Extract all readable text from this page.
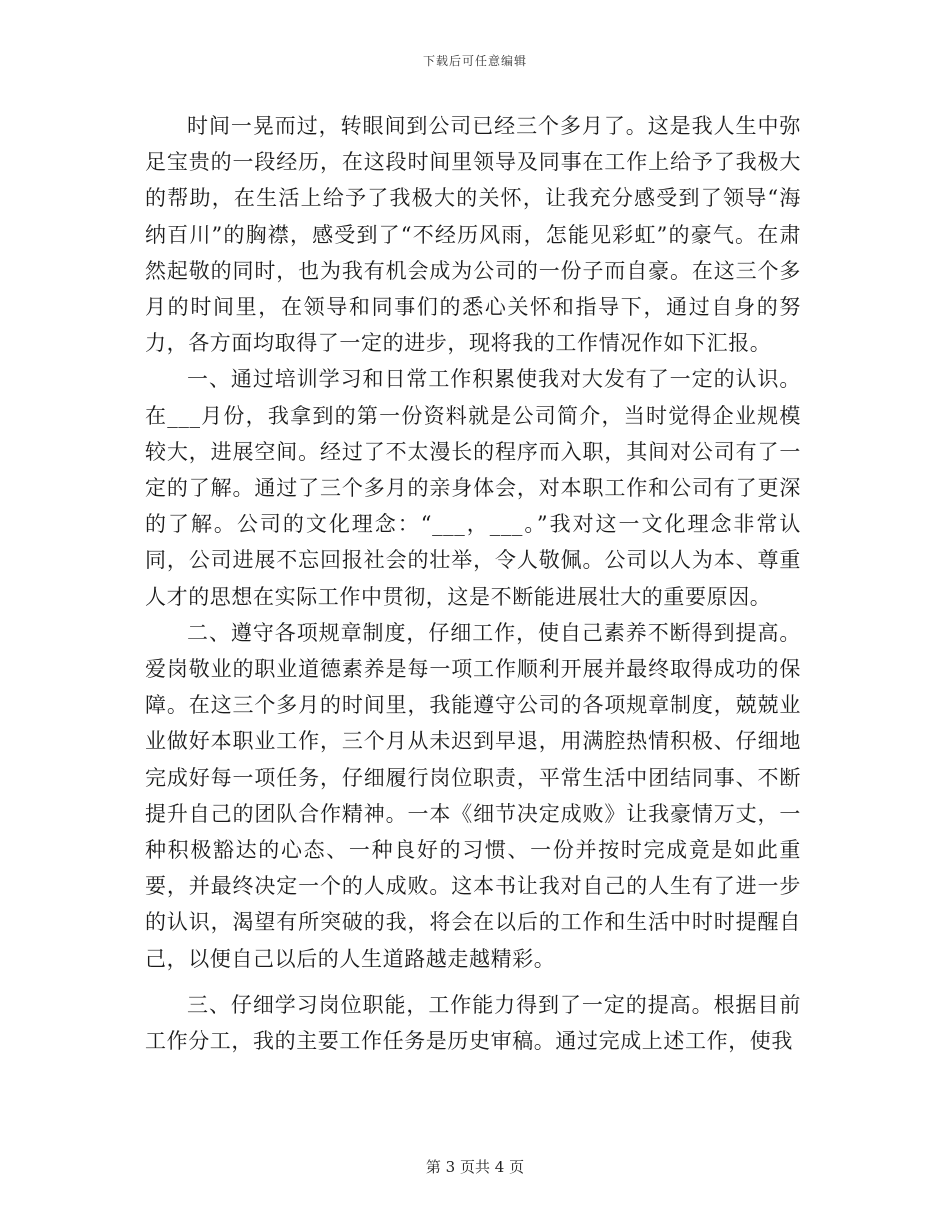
下载后可任意编辑

时间一晃而过，转眼间到公司已经三个多月了。这是我人生中弥足宝贵的一段经历，在这段时间里领导及同事在工作上给予了我极大的帮助，在生活上给予了我极大的关怀，让我充分感受到了领导“海纳百川”的胸襟，感受到了“不经历风雨，怎能见彩虹”的豪气。在肃然起敬的同时，也为我有机会成为公司的一份子而自豪。在这三个多月的时间里，在领导和同事们的悉心关怀和指导下，通过自身的努力，各方面均取得了一定的进步，现将我的工作情况作如下汇报。

一、通过培训学习和日常工作积累使我对大发有了一定的认识。在___月份，我拿到的第一份资料就是公司简介，当时觉得企业规模较大，进展空间。经过了不太漫长的程序而入职，其间对公司有了一定的了解。通过了三个多月的亲身体会，对本职工作和公司有了更深的了解。公司的文化理念：“___，___。”我对这一文化理念非常认同，公司进展不忘回报社会的壮举，令人敬佩。公司以人为本、尊重人才的思想在实际工作中贯彻，这是不断能进展壮大的重要原因。

二、遵守各项规章制度，仔细工作，使自己素养不断得到提高。爱岗敬业的职业道德素养是每一项工作顺利开展并最终取得成功的保障。在这三个多月的时间里，我能遵守公司的各项规章制度，兢兢业业做好本职业工作，三个月从未迟到早退，用满腔热情积极、仔细地完成好每一项任务，仔细履行岗位职责，平常生活中团结同事、不断提升自己的团队合作精神。一本《细节决定成败》让我豪情万丈，一种积极豁达的心态、一种良好的习惯、一份并按时完成竟是如此重要，并最终决定一个的人成败。这本书让我对自己的人生有了进一步的认识，渴望有所突破的我，将会在以后的工作和生活中时时提醒自己，以便自己以后的人生道路越走越精彩。

三、仔细学习岗位职能，工作能力得到了一定的提高。根据目前工作分工，我的主要工作任务是历史审稿。通过完成上述工作，使我

第 3 页共 4 页
